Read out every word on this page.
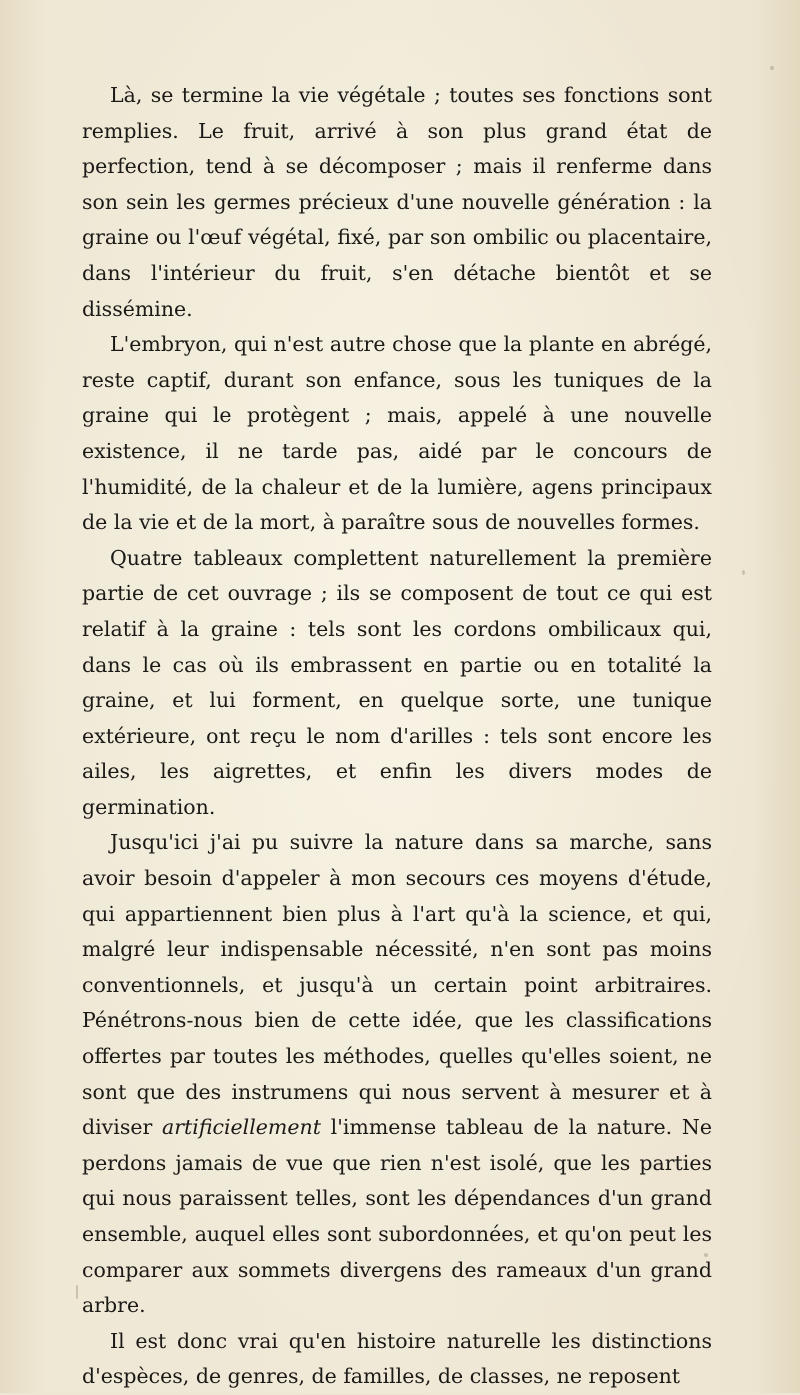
Là, se termine la vie végétale ; toutes ses fonctions sont remplies. Le fruit, arrivé à son plus grand état de perfection, tend à se décomposer ; mais il renferme dans son sein les germes précieux d'une nouvelle génération : la graine ou l'œuf végétal, fixé, par son ombilic ou placentaire, dans l'intérieur du fruit, s'en détache bientôt et se dissémine.

L'embryon, qui n'est autre chose que la plante en abrégé, reste captif, durant son enfance, sous les tuniques de la graine qui le protègent ; mais, appelé à une nouvelle existence, il ne tarde pas, aidé par le concours de l'humidité, de la chaleur et de la lumière, agens principaux de la vie et de la mort, à paraître sous de nouvelles formes.

Quatre tableaux complettent naturellement la première partie de cet ouvrage ; ils se composent de tout ce qui est relatif à la graine : tels sont les cordons ombilicaux qui, dans le cas où ils embrassent en partie ou en totalité la graine, et lui forment, en quelque sorte, une tunique extérieure, ont reçu le nom d'arilles : tels sont encore les ailes, les aigrettes, et enfin les divers modes de germination.

Jusqu'ici j'ai pu suivre la nature dans sa marche, sans avoir besoin d'appeler à mon secours ces moyens d'étude, qui appartiennent bien plus à l'art qu'à la science, et qui, malgré leur indispensable nécessité, n'en sont pas moins conventionnels, et jusqu'à un certain point arbitraires. Pénétrons-nous bien de cette idée, que les classifications offertes par toutes les méthodes, quelles qu'elles soient, ne sont que des instrumens qui nous servent à mesurer et à diviser artificiellement l'immense tableau de la nature. Ne perdons jamais de vue que rien n'est isolé, que les parties qui nous paraissent telles, sont les dépendances d'un grand ensemble, auquel elles sont subordonnées, et qu'on peut les comparer aux sommets divergens des rameaux d'un grand arbre.

Il est donc vrai qu'en histoire naturelle les distinctions d'espèces, de genres, de familles, de classes, ne reposent
